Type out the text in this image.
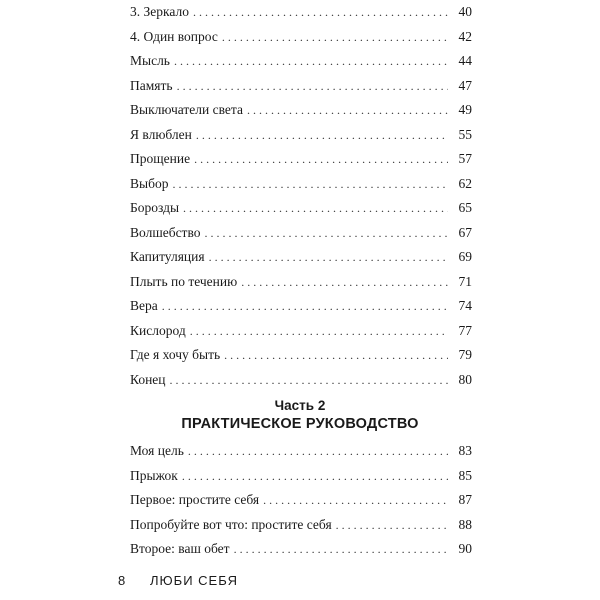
3. Зеркало . . .	40
4. Один вопрос . . .	42
Мысль . . .	44
Память . . .	47
Выключатели света . . .	49
Я влюблен . . .	55
Прощение . . .	57
Выбор . . .	62
Борозды . . .	65
Волшебство . . .	67
Капитуляция . . .	69
Плыть по течению . . .	71
Вера . . .	74
Кислород . . .	77
Где я хочу быть . . .	79
Конец . . .	80
Часть 2
ПРАКТИЧЕСКОЕ РУКОВОДСТВО
Моя цель . . .	83
Прыжок . . .	85
Первое: простите себя . . .	87
Попробуйте вот что: простите себя . . .	88
Второе: ваш обет . . .	90
8 ЛЮБИ СЕБЯ
